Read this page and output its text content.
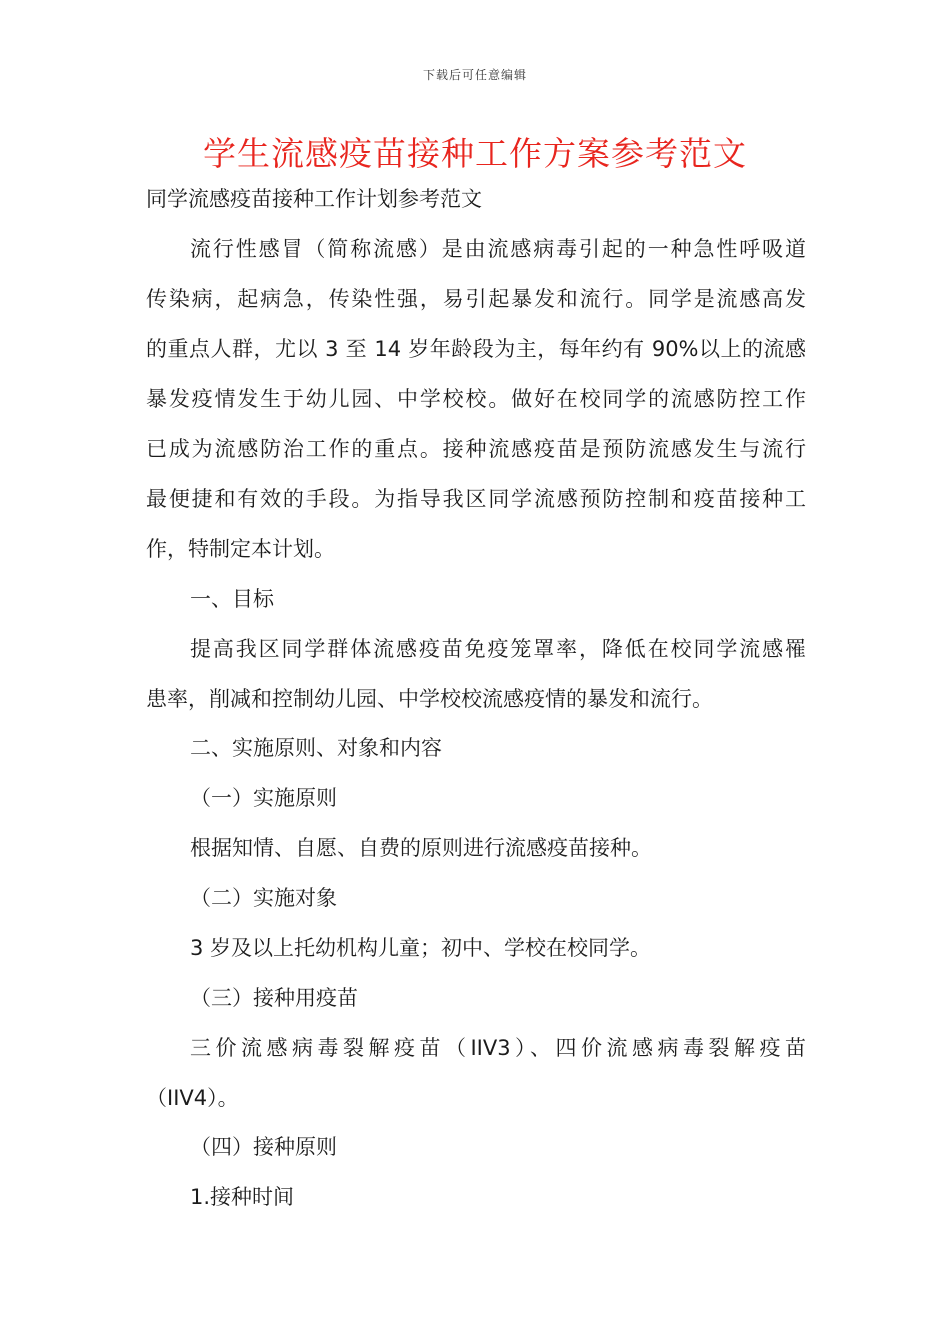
下载后可任意编辑
学生流感疫苗接种工作方案参考范文
同学流感疫苗接种工作计划参考范文
流行性感冒（简称流感）是由流感病毒引起的一种急性呼吸道
传染病，起病急，传染性强，易引起暴发和流行。同学是流感高发
的重点人群，尤以 3 至 14 岁年龄段为主，每年约有 90%以上的流感
暴发疫情发生于幼儿园、中学校校。做好在校同学的流感防控工作
已成为流感防治工作的重点。接种流感疫苗是预防流感发生与流行
最便捷和有效的手段。为指导我区同学流感预防控制和疫苗接种工
作，特制定本计划。
一、目标
提高我区同学群体流感疫苗免疫笼罩率，降低在校同学流感罹
患率，削减和控制幼儿园、中学校校流感疫情的暴发和流行。
二、实施原则、对象和内容
（一）实施原则
根据知情、自愿、自费的原则进行流感疫苗接种。
（二）实施对象
3 岁及以上托幼机构儿童；初中、学校在校同学。
（三）接种用疫苗
三价流感病毒裂解疫苗（IIV3）、四价流感病毒裂解疫苗
（IIV4）。
（四）接种原则
1.接种时间
